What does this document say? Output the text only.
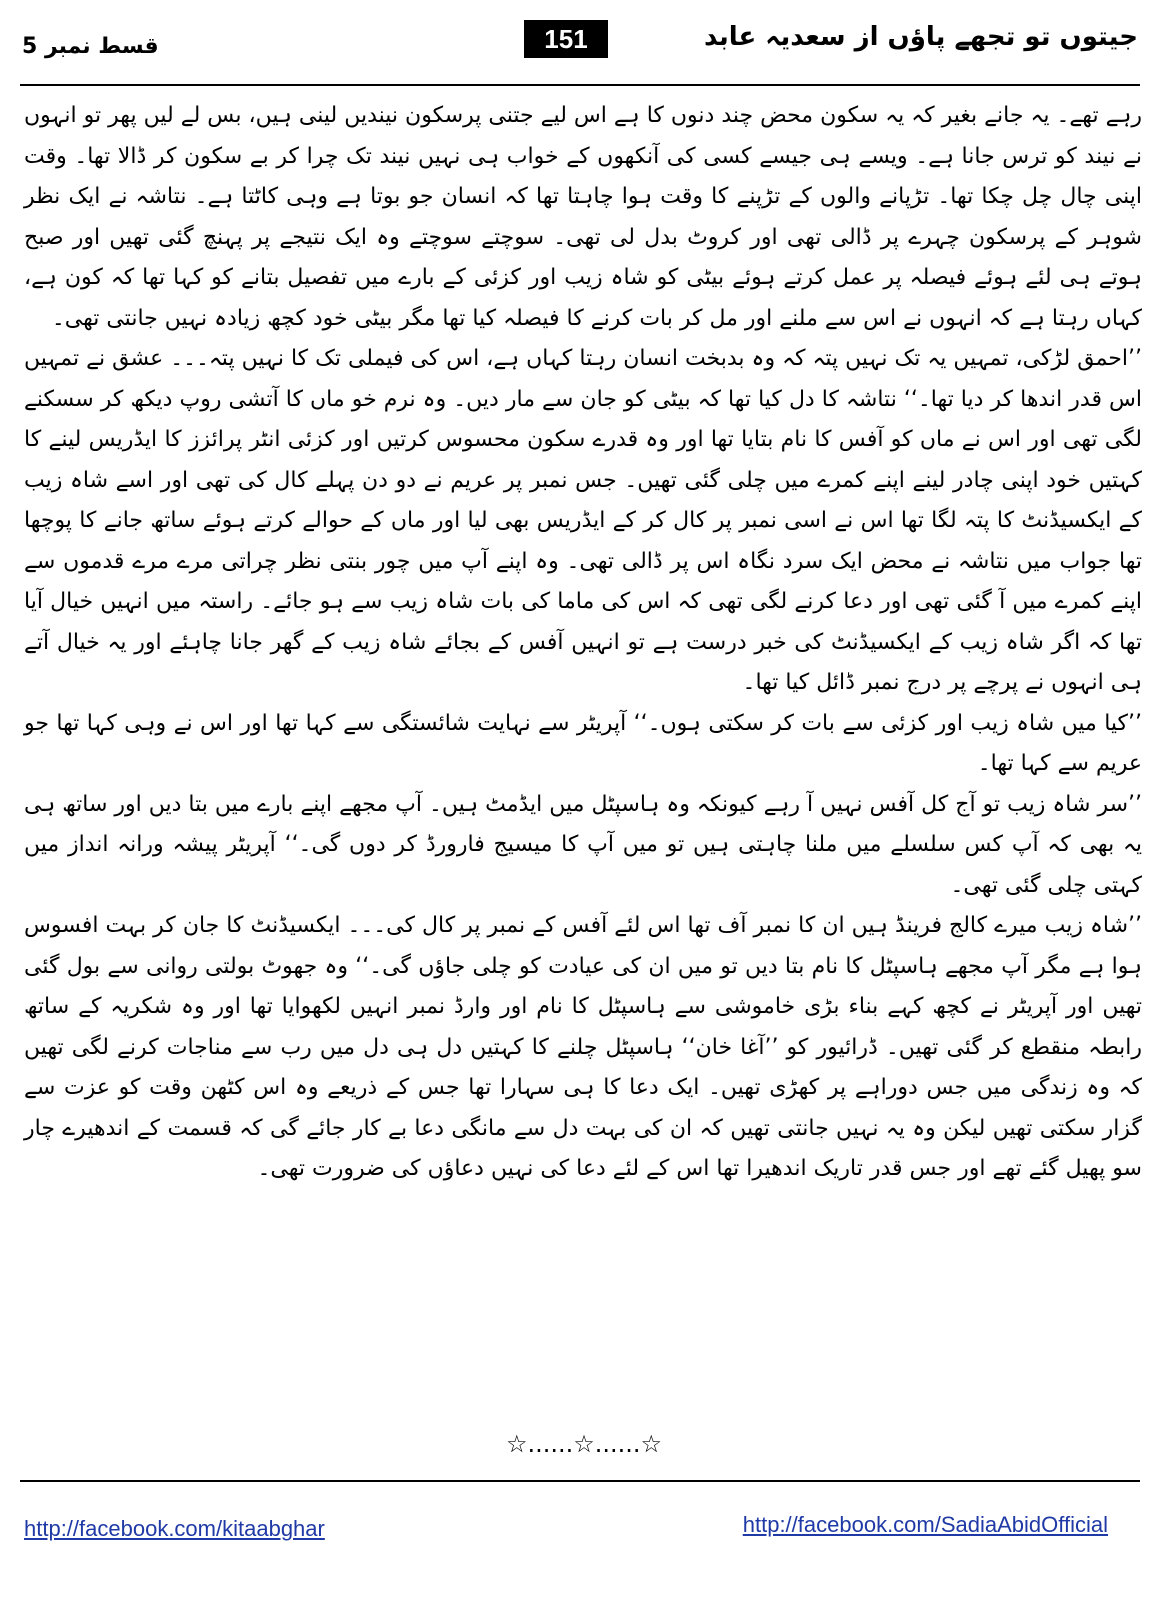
جیتوں تو تجھے پاؤں از سعدیہ عابد
151
قسط نمبر 5

رہے تھے۔ یہ جانے بغیر کہ یہ سکون محض چند دنوں کا ہے اس لیے جتنی پرسکون نیندیں لینی ہیں، بس لے لیں پھر تو انہوں نے نیند کو ترس جانا ہے۔ ویسے ہی جیسے کسی کی آنکھوں کے خواب ہی نہیں نیند تک چرا کر بے سکون کر ڈالا تھا۔ وقت اپنی چال چل چکا تھا۔ تڑپانے والوں کے تڑپنے کا وقت ہوا چاہتا تھا کہ انسان جو بوتا ہے وہی کاٹتا ہے۔ نتاشہ نے ایک نظر شوہر کے پرسکون چہرے پر ڈالی تھی اور کروٹ بدل لی تھی۔ سوچتے سوچتے وہ ایک نتیجے پر پہنچ گئی تھیں اور صبح ہوتے ہی لئے ہوئے فیصلہ پر عمل کرتے ہوئے بیٹی کو شاہ زیب اور کزئی کے بارے میں تفصیل بتانے کو کہا تھا کہ کون ہے، کہاں رہتا ہے کہ انہوں نے اس سے ملنے اور مل کر بات کرنے کا فیصلہ کیا تھا مگر بیٹی خود کچھ زیادہ نہیں جانتی تھی۔

’’احمق لڑکی، تمہیں یہ تک نہیں پتہ کہ وہ بدبخت انسان رہتا کہاں ہے، اس کی فیملی تک کا نہیں پتہ۔۔۔ عشق نے تمہیں اس قدر اندھا کر دیا تھا۔‘‘ نتاشہ کا دل کیا تھا کہ بیٹی کو جان سے مار دیں۔ وہ نرم خو ماں کا آتشی روپ دیکھ کر سسکنے لگی تھی اور اس نے ماں کو آفس کا نام بتایا تھا اور وہ قدرے سکون محسوس کرتیں اور کزئی انٹر پرائزز کا ایڈریس لینے کا کہتیں خود اپنی چادر لینے اپنے کمرے میں چلی گئی تھیں۔ جس نمبر پر عریم نے دو دن پہلے کال کی تھی اور اسے شاہ زیب کے ایکسیڈنٹ کا پتہ لگا تھا اس نے اسی نمبر پر کال کر کے ایڈریس بھی لیا اور ماں کے حوالے کرتے ہوئے ساتھ جانے کا پوچھا تھا جواب میں نتاشہ نے محض ایک سرد نگاہ اس پر ڈالی تھی۔ وہ اپنے آپ میں چور بنتی نظر چراتی مرے مرے قدموں سے اپنے کمرے میں آ گئی تھی اور دعا کرنے لگی تھی کہ اس کی ماما کی بات شاہ زیب سے ہو جائے۔ راستہ میں انہیں خیال آیا تھا کہ اگر شاہ زیب کے ایکسیڈنٹ کی خبر درست ہے تو انہیں آفس کے بجائے شاہ زیب کے گھر جانا چاہئے اور یہ خیال آتے ہی انہوں نے پرچے پر درج نمبر ڈائل کیا تھا۔

’’کیا میں شاہ زیب اور کزئی سے بات کر سکتی ہوں۔‘‘ آپریٹر سے نہایت شائستگی سے کہا تھا اور اس نے وہی کہا تھا جو عریم سے کہا تھا۔

’’سر شاہ زیب تو آج کل آفس نہیں آ رہے کیونکہ وہ ہاسپٹل میں ایڈمٹ ہیں۔ آپ مجھے اپنے بارے میں بتا دیں اور ساتھ ہی یہ بھی کہ آپ کس سلسلے میں ملنا چاہتی ہیں تو میں آپ کا میسیج فارورڈ کر دوں گی۔‘‘ آپریٹر پیشہ ورانہ انداز میں کہتی چلی گئی تھی۔

’’شاہ زیب میرے کالج فرینڈ ہیں ان کا نمبر آف تھا اس لئے آفس کے نمبر پر کال کی۔۔۔ ایکسیڈنٹ کا جان کر بہت افسوس ہوا ہے مگر آپ مجھے ہاسپٹل کا نام بتا دیں تو میں ان کی عیادت کو چلی جاؤں گی۔‘‘ وہ جھوٹ بولتی روانی سے بول گئی تھیں اور آپریٹر نے کچھ کہے بناء بڑی خاموشی سے ہاسپٹل کا نام اور وارڈ نمبر انہیں لکھوایا تھا اور وہ شکریہ کے ساتھ رابطہ منقطع کر گئی تھیں۔ ڈرائیور کو ’’آغا خان‘‘ ہاسپٹل چلنے کا کہتیں دل ہی دل میں رب سے مناجات کرنے لگی تھیں کہ وہ زندگی میں جس دوراہے پر کھڑی تھیں۔ ایک دعا کا ہی سہارا تھا جس کے ذریعے وہ اس کٹھن وقت کو عزت سے گزار سکتی تھیں لیکن وہ یہ نہیں جانتی تھیں کہ ان کی بہت دل سے مانگی دعا بے کار جائے گی کہ قسمت کے اندھیرے چار سو پھیل گئے تھے اور جس قدر تاریک اندھیرا تھا اس کے لئے دعا کی نہیں دعاؤں کی ضرورت تھی۔

☆......☆......☆
http://facebook.com/kitaabghar	http://facebook.com/SadiaAbidOfficial
